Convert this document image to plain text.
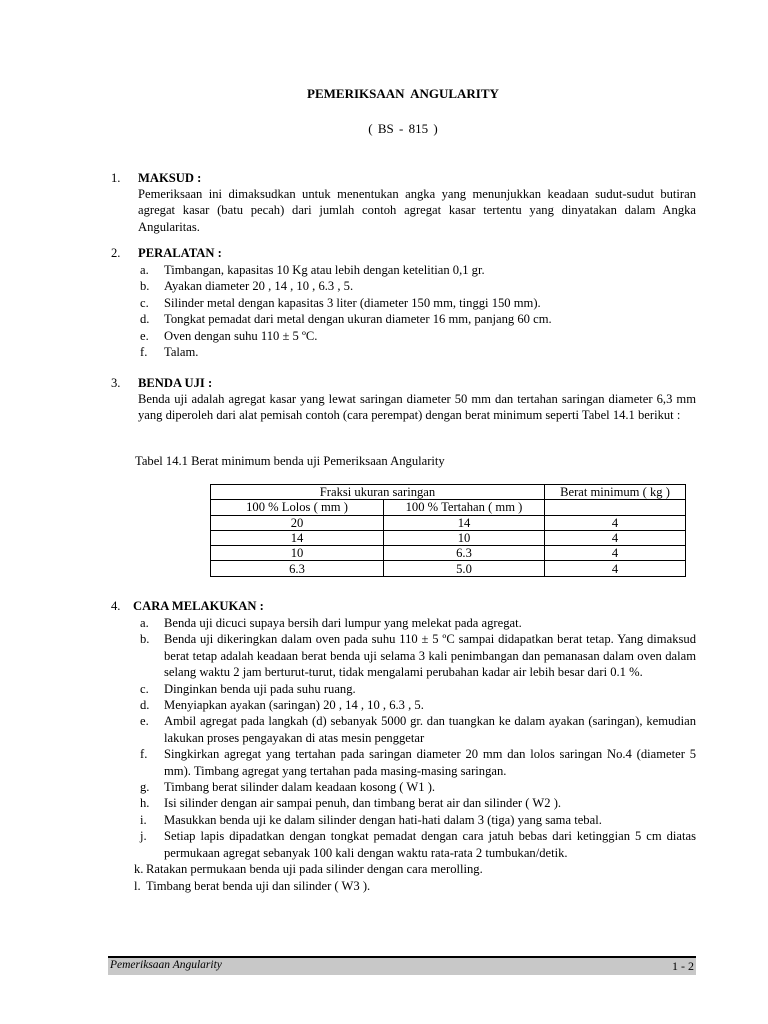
PEMERIKSAAN ANGULARITY
( BS - 815 )
1. MAKSUD :
Pemeriksaan ini dimaksudkan untuk menentukan angka yang menunjukkan keadaan sudut-sudut butiran agregat kasar (batu pecah) dari jumlah contoh agregat kasar tertentu yang dinyatakan dalam Angka Angularitas.
2. PERALATAN :
a. Timbangan, kapasitas 10 Kg atau lebih dengan ketelitian 0,1 gr.
b. Ayakan diameter 20 , 14 , 10 , 6.3 , 5.
c. Silinder metal dengan kapasitas 3 liter (diameter 150 mm, tinggi 150 mm).
d. Tongkat pemadat dari metal dengan ukuran diameter 16 mm, panjang 60 cm.
e. Oven dengan suhu 110 ± 5 ºC.
f. Talam.
3. BENDA UJI :
Benda uji adalah agregat kasar yang lewat saringan diameter 50 mm dan tertahan saringan diameter 6,3 mm yang diperoleh dari alat pemisah contoh (cara perempat) dengan berat minimum seperti Tabel 14.1 berikut :
Tabel 14.1 Berat minimum benda uji Pemeriksaan Angularity
Fraksi ukuran saringan		Berat minimum ( kg )
100 % Lolos ( mm )	100 % Tertahan ( mm )	
20	14	4
14	10	4
10	6.3	4
6.3	5.0	4
4. CARA MELAKUKAN :
a. Benda uji dicuci supaya bersih dari lumpur yang melekat pada agregat.
b. Benda uji dikeringkan dalam oven pada suhu 110 ± 5 ºC sampai didapatkan berat tetap. Yang dimaksud berat tetap adalah keadaan berat benda uji selama 3 kali penimbangan dan pemanasan dalam oven dalam selang waktu 2 jam berturut-turut, tidak mengalami perubahan kadar air lebih besar dari 0.1 %.
c. Dinginkan benda uji pada suhu ruang.
d. Menyiapkan ayakan (saringan) 20 , 14 , 10 , 6.3 , 5.
e. Ambil agregat pada langkah (d) sebanyak 5000 gr. dan tuangkan ke dalam ayakan (saringan), kemudian lakukan proses pengayakan di atas mesin penggetar
f. Singkirkan agregat yang tertahan pada saringan diameter 20 mm dan lolos saringan No.4 (diameter 5 mm). Timbang agregat yang tertahan pada masing-masing saringan.
g. Timbang berat silinder dalam keadaan kosong ( W1 ).
h. Isi silinder dengan air sampai penuh, dan timbang berat air dan silinder ( W2 ).
i. Masukkan benda uji ke dalam silinder dengan hati-hati dalam 3 (tiga) yang sama tebal.
j. Setiap lapis dipadatkan dengan tongkat pemadat dengan cara jatuh bebas dari ketinggian 5 cm diatas permukaan agregat sebanyak 100 kali dengan waktu rata-rata 2 tumbukan/detik.
k. Ratakan permukaan benda uji pada silinder dengan cara merolling.
l. Timbang berat benda uji dan silinder ( W3 ).
Pemeriksaan Angularity	1 - 2
